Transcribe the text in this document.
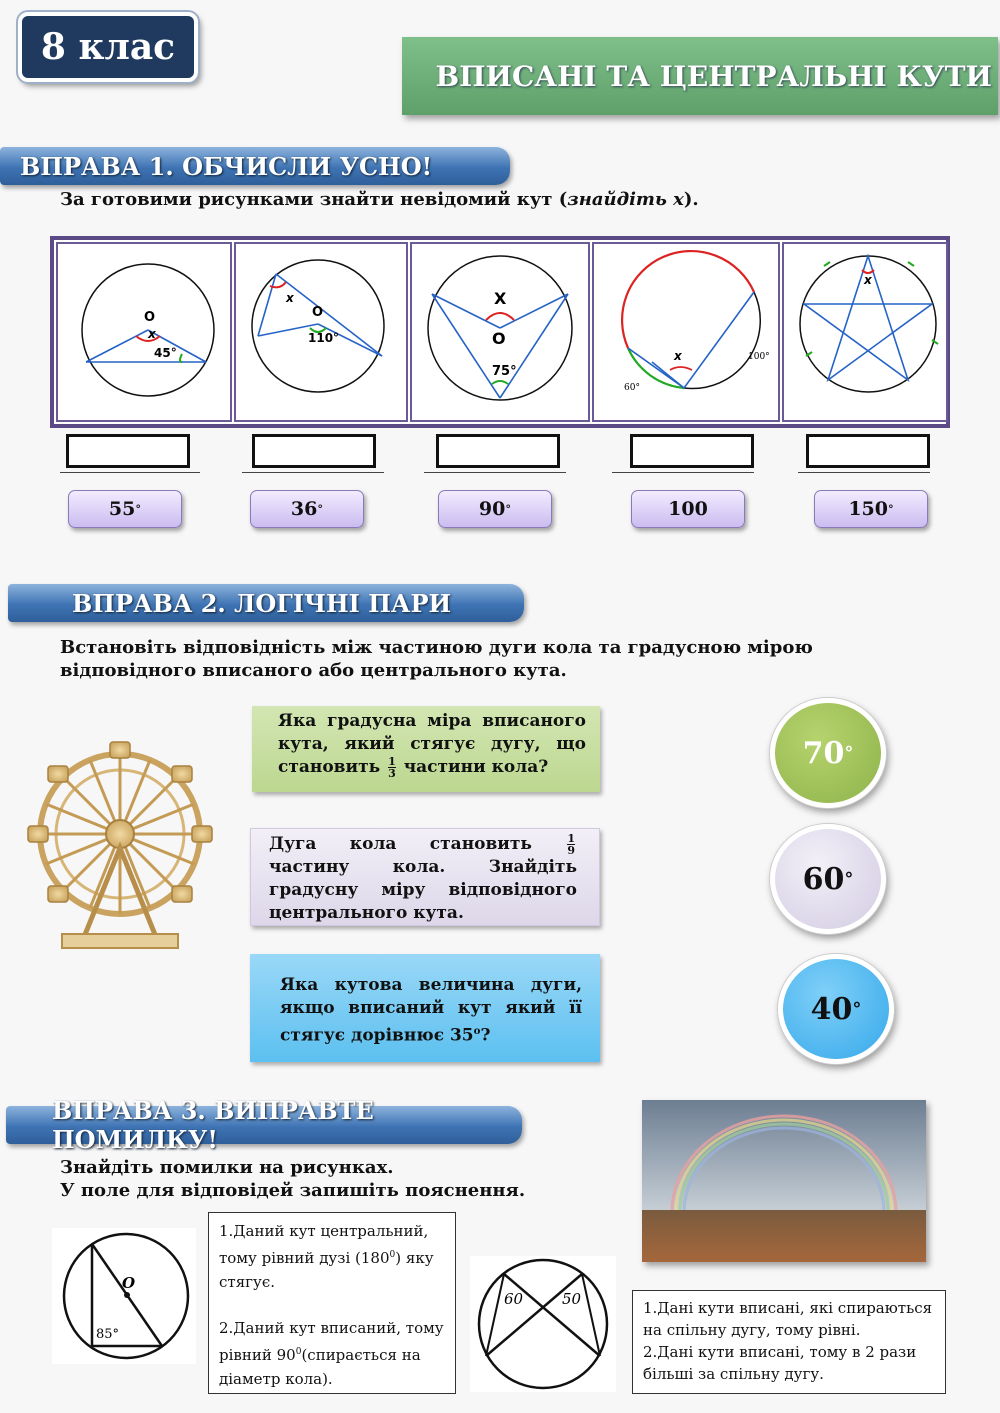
8 клас
ВПИСАНІ ТА ЦЕНТРАЛЬНІ КУТИ
ВПРАВА 1. ОБЧИСЛИ УСНО!
За готовими рисунками знайти невідомий кут (знайдіть x).
O
x
45°
x
O
110°
X
O
75°
x
60°
100°
x
55 °	36 °	90 °	100	150 °
ВПРАВА 2. ЛОГІЧНІ ПАРИ
Встановіть відповідність між частиною дуги кола та градусною мірою відповідного вписаного або центрального кута.
Яка градусна міра вписаного кута, який стягує дугу, що становить $\frac{1}{3}$ частини кола?
Дуга кола становить	$\frac{1}{9}$
частину кола. Знайдіть градусну міру відповідного центрального кута.
Яка кутова величина дуги, якщо вписаний кут який її стягує дорівнює $35^о$?
70 °
60 °
40 °
ВПРАВА 3. ВИПРАВТЕ ПОМИЛКУ!
Знайдіть помилки на рисунках.
У поле для відповідей запишіть пояснення.
O
85°
1.Даний кут центральний, тому рівний дузі $(180^0)$ яку стягує.
2.Даний кут вписаний, тому рівний $90^0(спирається$ на діаметр кола).
60	50	1.Дані кути вписані, які спираються на спільну дугу, тому рівні.
2.Дані кути вписані, тому в 2 рази більші за спільну дугу.
